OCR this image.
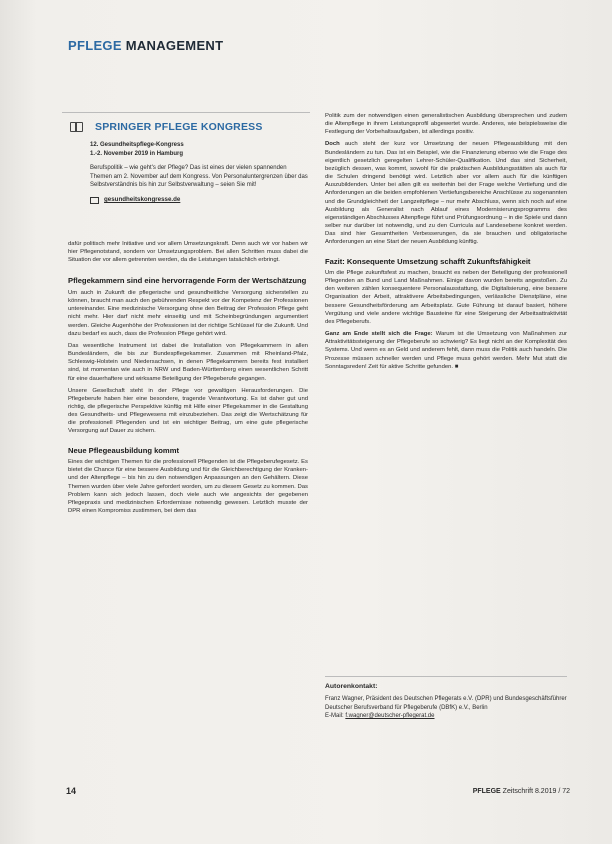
PFLEGE MANAGEMENT
SPRINGER PFLEGE KONGRESS
12. Gesundheitspflege-Kongress
1.-2. November 2019 in Hamburg

Berufspolitik – wie geht's der Pflege? Das ist eines der vielen spannenden Themen am 2. November auf dem Kongress. Von Personaluntergrenzen über das Selbstverständnis bis hin zur Selbstverwaltung – seien Sie mit!

gesundheitskongresse.de

dafür politisch mehr Initiative und vor allem Umsetzungskraft. Denn auch wir vor haben wir hier Pflegenotstand, sondern vor Umsetzungsproblem. Bei allen Schritten muss dabei die Situation der vor allem getrennten werden, da die Leistungen tatsächlich erbringt.

Pflegekammern sind eine hervorragende Form der Wertschätzung

Um auch in Zukunft die pflegerische und gesundheitliche Versorgung sicherstellen zu können, braucht man auch den gebührenden Respekt vor der Kompetenz der Professionen untereinander. Eine medizinische Versorgung ohne den Beitrag der Profession Pflege geht nicht mehr. Hier darf nicht mehr einseitig und mit Scheinbegründungen argumentiert werden. Gleiche Augenhöhe der Professionen ist der richtige Schlüssel für die Zukunft. Und dazu bedarf es auch, dass die Profession Pflege gehört wird.

Das wesentliche Instrument ist dabei die Installation von Pflegekammern in allen Bundesländern, die bis zur Bundespflegekammer. Zusammen mit Rheinland-Pfalz, Schleswig-Holstein und Niedersachsen, in denen Pflegekammern bereits fest installiert sind, ist momentan wie auch in NRW und Baden-Württemberg einen wesentlichen Schritt für eine dauerhaftere und wirksame Beteiligung der Pflegeberufe gegangen.

Unsere Gesellschaft steht in der Pflege vor gewaltigen Herausforderungen. Die Pflegeberufe haben hier eine besondere, tragende Verantwortung. Es ist daher gut und richtig, die pflegerische Perspektive künftig mit Hilfe einer Pflegekammer in die Gestaltung des Gesundheits- und Pflegewesens mit einzubeziehen. Das zeigt die Wertschätzung für die professionell Pflegenden und ist ein wichtiger Beitrag, um eine gute pflegerische Versorgung auf Dauer zu sichern.

Neue Pflegeausbildung kommt

Eines der wichtigen Themen für die professionell Pflegenden ist die Pflegeberufegesetz. Es bietet die Chance für eine bessere Ausbildung und für die Gleichberechtigung der Kranken- und der Altenpflege – bis hin zu den notwendigen Anpassungen an den Gehältern. Diese Themen wurden über viele Jahre gefordert worden, um zu diesem Gesetz zu kommen. Das Problem kann sich jedoch lassen, doch viele auch wie angesichts der gegebenen Pflegepraxis und medizinischen Erfordernisse notwendig gewesen. Letztlich musste der DPR einen Kompromiss zustimmen, bei dem das

Politik zum der notwendigen einen generalistischen Ausbildung übersprechen und zudem die Altenpflege in ihrem Leistungsprofil abgewertet wurde. Anderes, wie beispielsweise die Festlegung der Vorbehaltsaufgaben, ist allerdings positiv.

Doch auch steht der kurz vor Umsetzung der neuen Pflegeausbildung mit den Bundesländern zu tun. Das ist ein Beispiel, wie die Finanzierung ebenso wie die Frage des eigentlich gesetzlich geregelten Lehrer-Schüler-Qualifikation. Und das sind Sicherheit, bezüglich dessen, was kommt, sowohl für die praktischen Ausbildungsstätten als auch für die Schulen dringend benötigt wird. Letztlich aber vor allem auch für die künftigen Auszubildenden. Unter bei allen gilt es weiterhin bei der Frage welche Vertiefung und die Anforderungen an die beiden empfohlenen Vertiefungsbereiche Anschlüsse zu sogenannten und die Grundgleichheit der Langzeitpflege – nur mehr Abschluss, wenn sich noch auf eine Ausbildung als Generalist nach Ablauf eines Modernisierungsprogramms des eigenständigen Abschlusses Altenpflege führt und Prüfungsordnung – in die Spiele und dann selber nur darüber ist notwendig, und zu den Curricula auf Landesebene konkret werden. Das sind hier Gesamtheiten Verbesserungen, da sie brauchen und obligatorische Anforderungen an eine Start der neuen Ausbildung künftig.

Fazit: Konsequente Umsetzung schafft Zukunftsfähigkeit

Um die Pflege zukunftsfest zu machen, braucht es neben der Beteiligung der professionell Pflegenden an Bund und Land Maßnahmen. Einige davon wurden bereits angestoßen. Zu den weiteren zählen konsequentere Personalausstattung, die Digitalisierung, eine bessere Organisation der Arbeit, attraktivere Arbeitsbedingungen, verlässliche Dienstpläne, eine bessere Gesundheitsförderung am Arbeitsplatz. Gute Führung ist darauf basiert, höhere Vergütung und viele andere wichtige Bausteine für eine Steigerung der Arbeitsattraktivität des Pflegeberufs.

Ganz am Ende stellt sich die Frage: Warum ist die Umsetzung von Maßnahmen zur Attraktivitätssteigerung der Pflegeberufe so schwierig? Es liegt nicht an der Komplexität des Systems. Und wenn es an Geld und anderem fehlt, dann muss die Politik auch handeln. Die Prozesse müssen schneller werden und Pflege muss gehört werden. Mehr Mut statt die Sonntagsreden! Zeit für aktive Schritte gefunden. ■

Autorenkontakt:
Franz Wagner, Präsident des Deutschen Pflegerats e.V. (DPR) und Bundesgeschäftsführer Deutscher Berufsverband für Pflegeberufe (DBfK) e.V., Berlin
E-Mail: f.wagner@deutscher-pflegerat.de
14	PFLEGE Zeitschrift 8.2019 / 72
